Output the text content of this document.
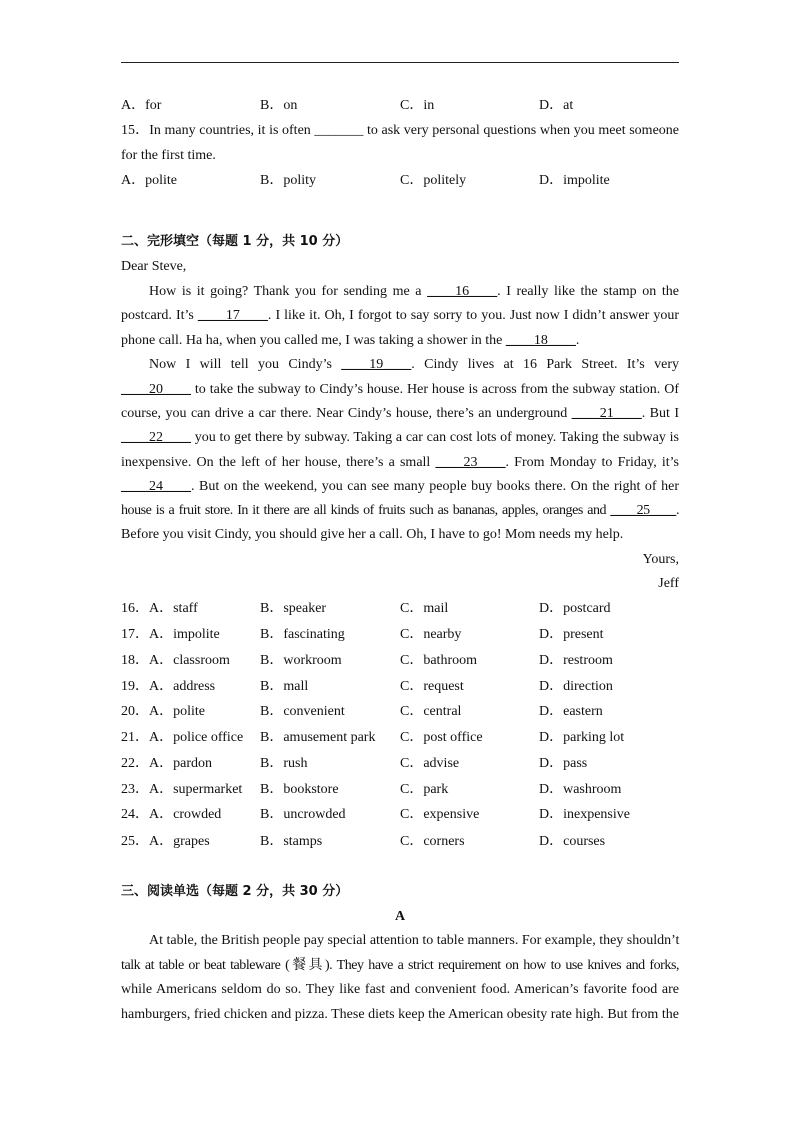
A．for	B．on	C．in	D．at
15．In many countries, it is often _______ to ask very personal questions when you meet someone
for the first time.
A．polite	B．polity	C．politely	D．impolite
二、完形填空（每题 1 分，共 10 分）
Dear Steve,
How is it going? Thank you for sending me a ____16____. I really like the stamp on the
postcard. It’s ____17____. I like it. Oh, I forgot to say sorry to you. Just now I didn’t answer your
phone call. Ha ha, when you called me, I was taking a shower in the ____18____.
Now I will tell you Cindy’s ____19____. Cindy lives at 16 Park Street. It’s very
____20____ to take the subway to Cindy’s house. Her house is across from the subway station. Of
course, you can drive a car there. Near Cindy’s house, there’s an underground ____21____. But I
____22____ you to get there by subway. Taking a car can cost lots of money. Taking the subway is
inexpensive. On the left of her house, there’s a small ____23____. From Monday to Friday, it’s
____24____. But on the weekend, you can see many people buy books there. On the right of her
house is a fruit store. In it there are all kinds of fruits such as bananas, apples, oranges and ____25____.
Before you visit Cindy, you should give her a call. Oh, I have to go! Mom needs my help.
Yours,
Jeff
16．A．staff	B．speaker	C．mail	D．postcard
17．A．impolite	B．fascinating	C．nearby	D．present
18．A．classroom B．workroom	C．bathroom	D．restroom
19．A．address	B．mall	C．request	D．direction
20．A．polite	B．convenient	C．central	D．eastern
21．A．police office B．amusement park C．post office	D．parking lot
22．A．pardon	B．rush	C．advise	D．pass
23．A．supermarket B．bookstore	C．park	D．washroom
24．A．crowded	B．uncrowded	C．expensive	D．inexpensive
25．A．grapes	B．stamps	C．corners	D．courses
三、阅读单选（每题 2 分，共 30 分）
A
At table, the British people pay special attention to table manners. For example, they shouldn’t
talk at table or beat tableware (餐具). They have a strict requirement on how to use knives and forks,
while Americans seldom do so. They like fast and convenient food. American’s favorite food are
hamburgers, fried chicken and pizza. These diets keep the American obesity rate high. But from the
